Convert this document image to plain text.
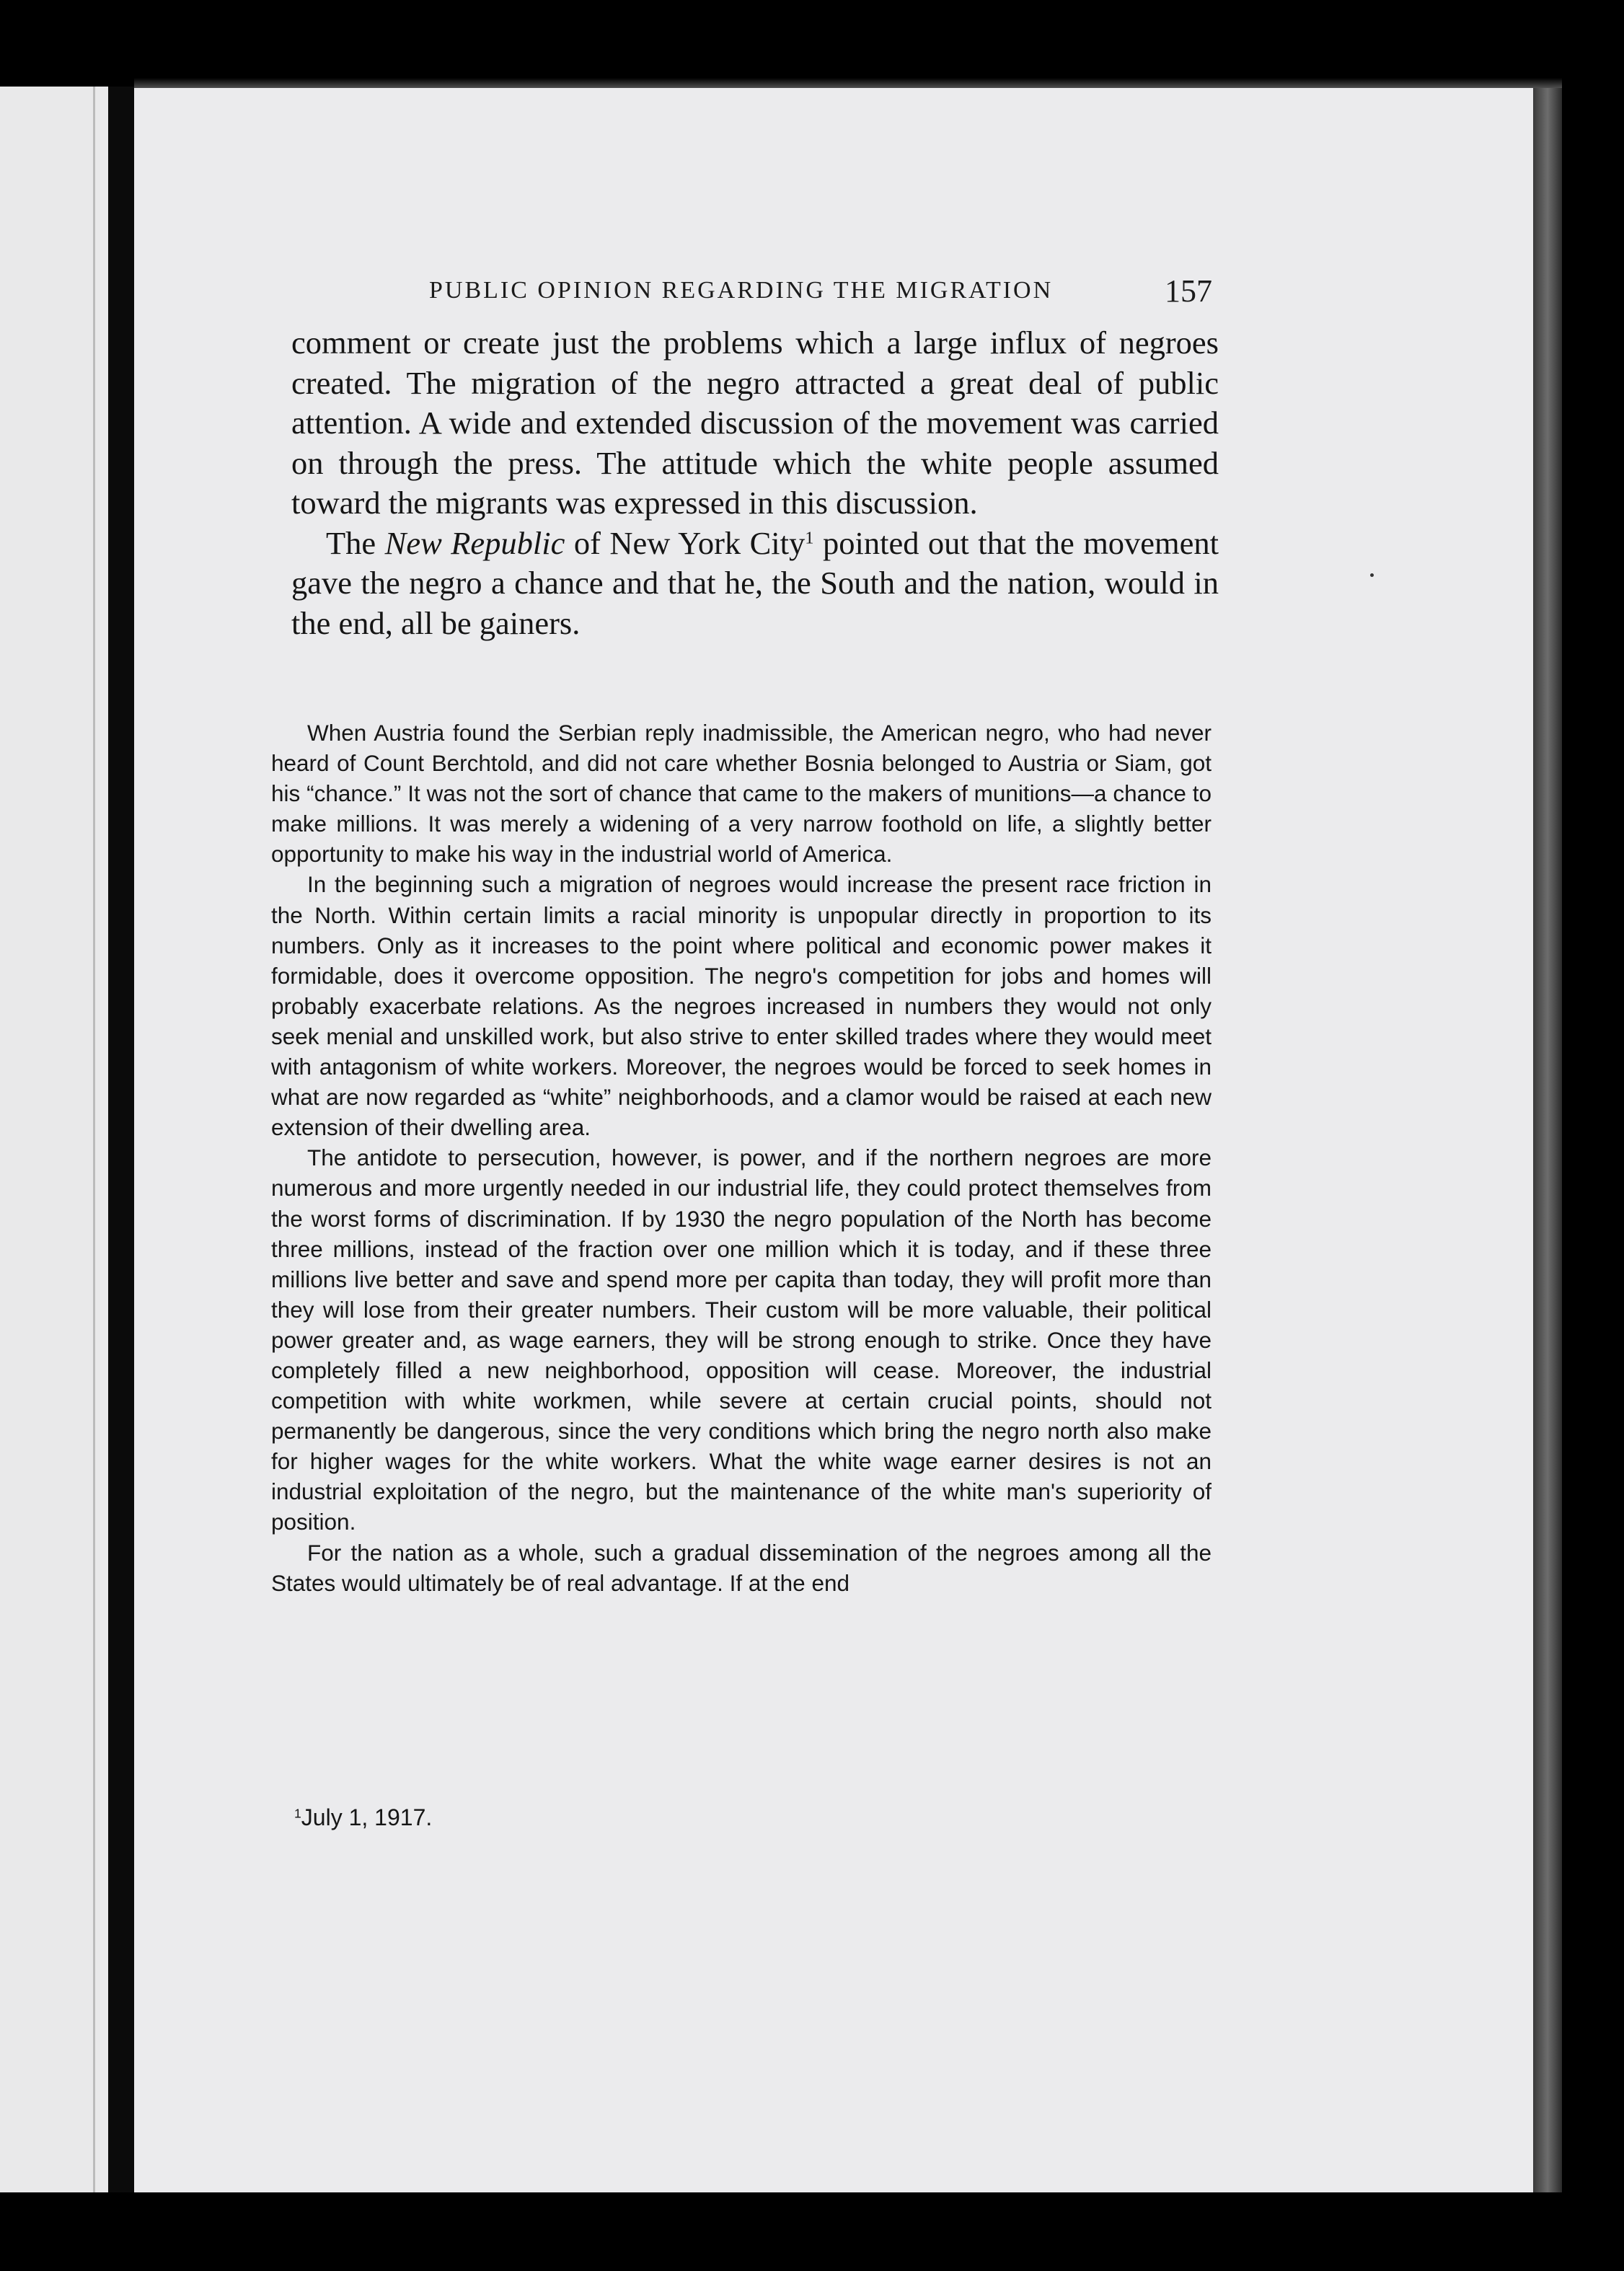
PUBLIC OPINION REGARDING THE MIGRATION	157

comment or create just the problems which a large influx of negroes created. The migration of the negro attracted a great deal of public attention. A wide and extended discussion of the movement was carried on through the press. The attitude which the white people assumed toward the migrants was expressed in this discussion.

The New Republic of New York City$^1$ pointed out that the movement gave the negro a chance and that he, the South and the nation, would in the end, all be gainers.

When Austria found the Serbian reply inadmissible, the American negro, who had never heard of Count Berchtold, and did not care whether Bosnia belonged to Austria or Siam, got his “chance.” It was not the sort of chance that came to the makers of munitions—a chance to make millions. It was merely a widening of a very narrow foothold on life, a slightly better opportunity to make his way in the industrial world of America.

In the beginning such a migration of negroes would increase the present race friction in the North. Within certain limits a racial minority is unpopular directly in proportion to its numbers. Only as it increases to the point where political and economic power makes it formidable, does it overcome opposition. The negro's competition for jobs and homes will probably exacerbate relations. As the negroes increased in numbers they would not only seek menial and unskilled work, but also strive to enter skilled trades where they would meet with antagonism of white workers. Moreover, the negroes would be forced to seek homes in what are now regarded as “white” neighborhoods, and a clamor would be raised at each new extension of their dwelling area.

The antidote to persecution, however, is power, and if the northern negroes are more numerous and more urgently needed in our industrial life, they could protect themselves from the worst forms of discrimination. If by 1930 the negro population of the North has become three millions, instead of the fraction over one million which it is today, and if these three millions live better and save and spend more per capita than today, they will profit more than they will lose from their greater numbers. Their custom will be more valuable, their political power greater and, as wage earners, they will be strong enough to strike. Once they have completely filled a new neighborhood, opposition will cease. Moreover, the industrial competition with white workmen, while severe at certain crucial points, should not permanently be dangerous, since the very conditions which bring the negro north also make for higher wages for the white workers. What the white wage earner desires is not an industrial exploitation of the negro, but the maintenance of the white man's superiority of position.

For the nation as a whole, such a gradual dissemination of the negroes among all the States would ultimately be of real advantage. If at the end

$^1$July 1, 1917.
